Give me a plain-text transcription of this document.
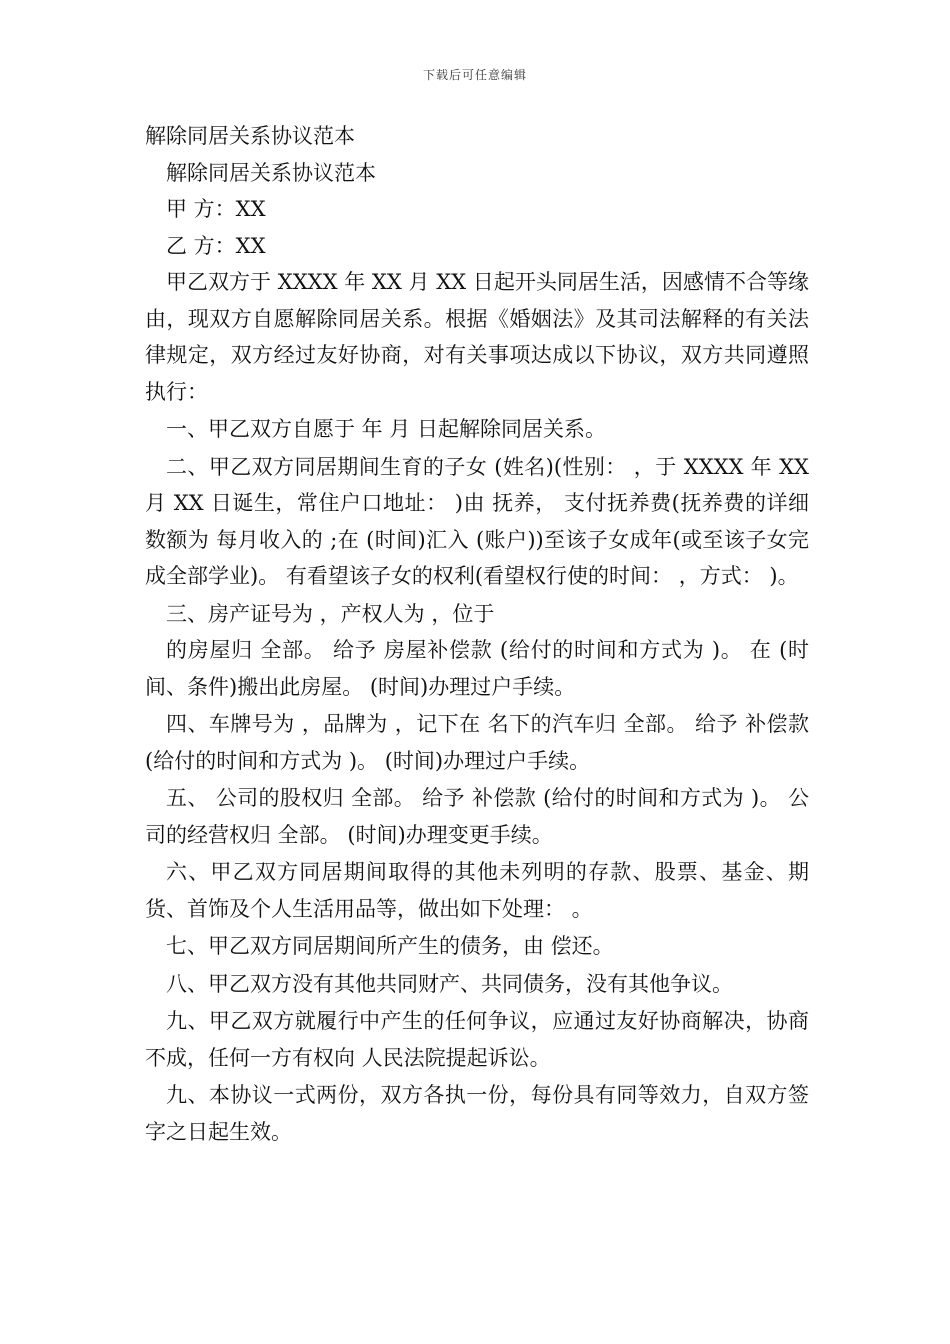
下载后可任意编辑

解除同居关系协议范本

解除同居关系协议范本

甲 方：XX

乙 方：XX

甲乙双方于 XXXX 年 XX 月 XX 日起开头同居生活，因感情不合等缘由，现双方自愿解除同居关系。根据《婚姻法》及其司法解释的有关法律规定，双方经过友好协商，对有关事项达成以下协议，双方共同遵照执行：

一、甲乙双方自愿于 年 月 日起解除同居关系。

二、甲乙双方同居期间生育的子女 (姓名)(性别： ，于 XXXX 年 XX 月 XX 日诞生，常住户口地址： )由 抚养， 支付抚养费(抚养费的详细数额为 每月收入的 ;在 (时间)汇入 (账户))至该子女成年(或至该子女完成全部学业)。 有看望该子女的权利(看望权行使的时间： ，方式： )。

三、房产证号为 ，产权人为 ，位于

的房屋归 全部。 给予 房屋补偿款 (给付的时间和方式为 )。 在 (时间、条件)搬出此房屋。 (时间)办理过户手续。

四、车牌号为 ，品牌为 ，记下在 名下的汽车归 全部。 给予 补偿款 (给付的时间和方式为 )。 (时间)办理过户手续。

五、 公司的股权归 全部。 给予 补偿款 (给付的时间和方式为 )。 公司的经营权归 全部。 (时间)办理变更手续。

六、甲乙双方同居期间取得的其他未列明的存款、股票、基金、期货、首饰及个人生活用品等，做出如下处理： 。

七、甲乙双方同居期间所产生的债务，由 偿还。

八、甲乙双方没有其他共同财产、共同债务，没有其他争议。

九、甲乙双方就履行中产生的任何争议，应通过友好协商解决，协商不成，任何一方有权向 人民法院提起诉讼。

九、本协议一式两份，双方各执一份，每份具有同等效力，自双方签字之日起生效。
